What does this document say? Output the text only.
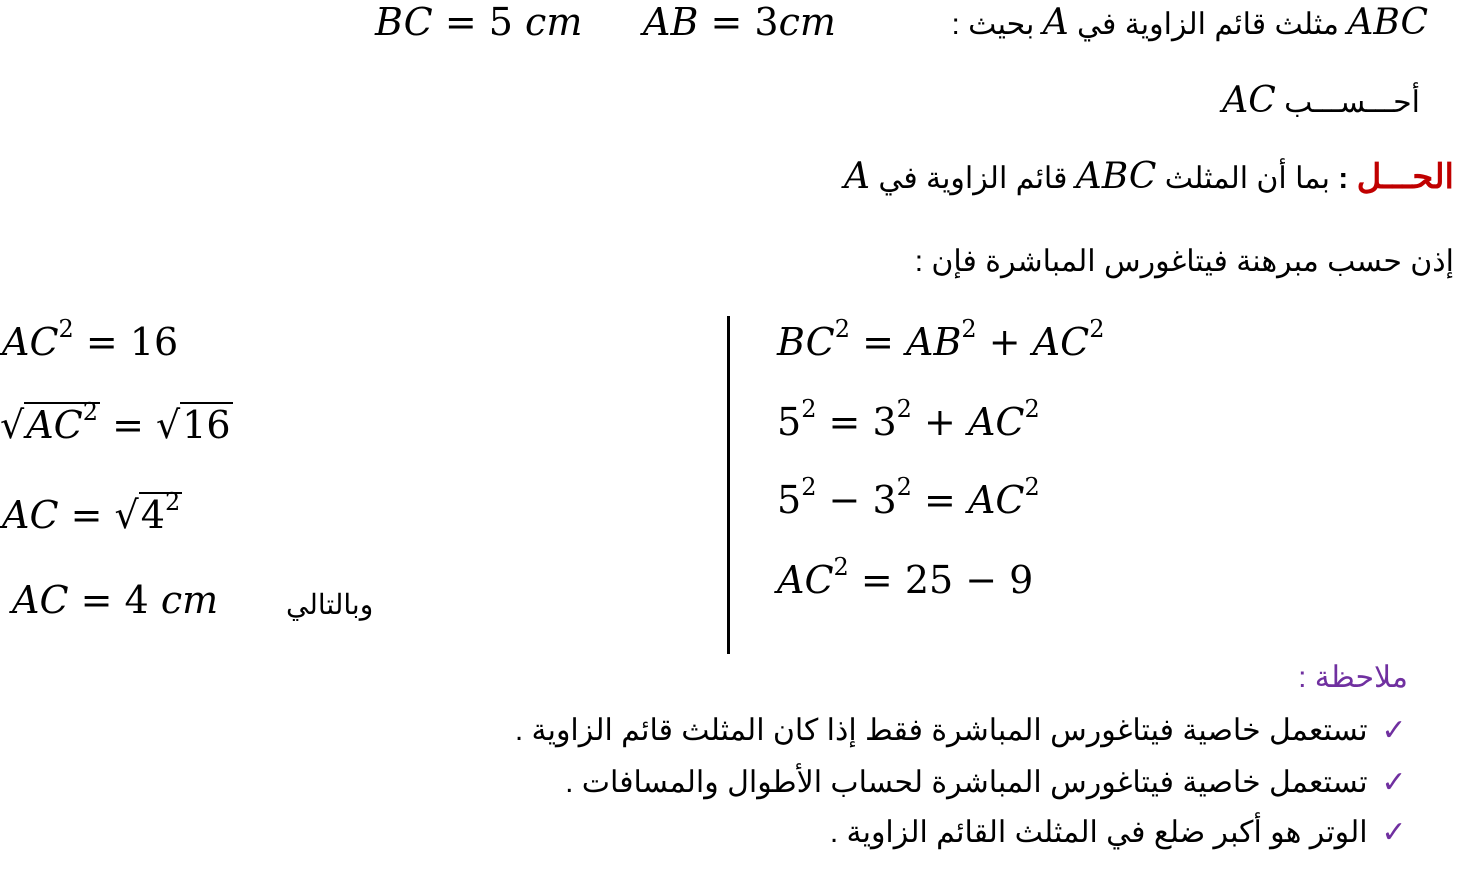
ABC مثلث قائم الزاوية في A بحيث :
AB = 3cm
BC = 5 cm
أحـــســـب AC
الحـــل : بما أن المثلث ABC قائم الزاوية في A
إذن حسب مبرهنة فيتاغورس المباشرة فإن :
$BC^2 = AB^2 + AC^2$
$5^2 = 3^2 + AC^2$
$5^2 - 3^2 = AC^2$
$AC^2 = 25 - 9$
$AC^2 = 16$
$√AC^2 = √16$
AC = $√4^2$
AC = 4 cm وبالتالي
ملاحظة :
✓ تستعمل خاصية فيتاغورس المباشرة فقط إذا كان المثلث قائم الزاوية .
✓ تستعمل خاصية فيتاغورس المباشرة لحساب الأطوال والمسافات .
✓ الوتر هو أكبر ضلع في المثلث القائم الزاوية .
